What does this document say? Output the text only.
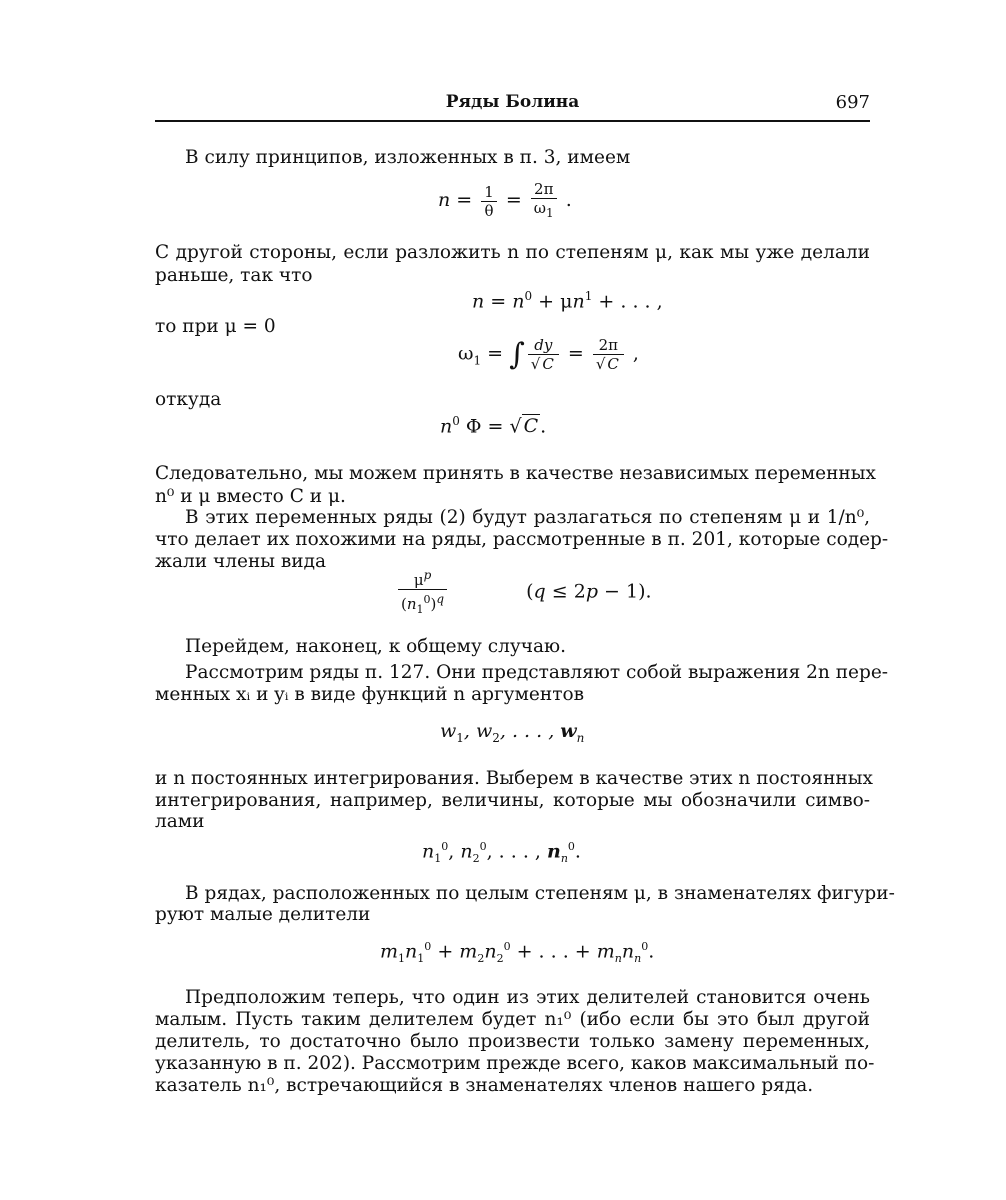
Ряды Болина	697
В силу принципов, изложенных в п. 3, имеем
$n = \frac{1}{\theta} = \frac{2\pi}{\omega_1}$ .
С другой стороны, если разложить n по степеням μ, как мы уже делали
раньше, так что
$n = n^0 + \mu n^1$ + . . . ,
то при μ = 0
$\omega_1$ = ∫ $\frac{dy}{√ C} = \frac{2\pi}{√ C}$ ,
откуда
$n^0$ Φ = √ C .
Следовательно, мы можем принять в качестве независимых переменных
n⁰ и μ вместо C и μ.
В этих переменных ряды (2) будут разлагаться по степеням μ и 1/n⁰,
что делает их похожими на ряды, рассмотренные в п. 201, которые содер-
жали члены вида
$\frac{\mu^p}{(n_1^0)^q}$	(q ≤ 2p − 1).
Перейдем, наконец, к общему случаю.
Рассмотрим ряды п. 127. Они представляют собой выражения 2n пере-
менных xᵢ и yᵢ в виде функций n аргументов
$w_1$, $w_2$, . . . , $w_n$
и n постоянных интегрирования. Выберем в качестве этих n постоянных
интегрирования, например, величины, которые мы обозначили симво-
лами
$n_1^0$, $n_2^0$, . . . , $n_n^0$.
В рядах, расположенных по целым степеням μ, в знаменателях фигури-
руют малые делители
$m_1n_1^0 + m_2n_2^0$ + . . . + $m_nn_n^0$.
Предположим теперь, что один из этих делителей становится очень
малым. Пусть таким делителем будет n₁⁰ (ибо если бы это был другой
делитель, то достаточно было произвести только замену переменных,
указанную в п. 202). Рассмотрим прежде всего, каков максимальный по-
казатель n₁⁰, встречающийся в знаменателях членов нашего ряда.
